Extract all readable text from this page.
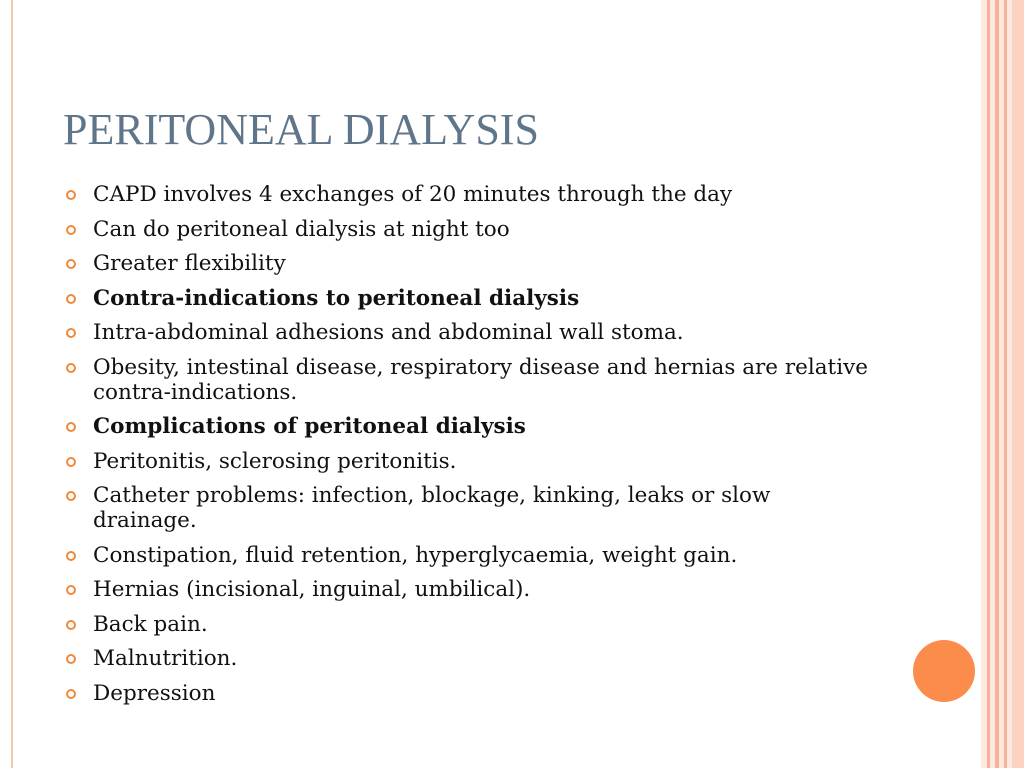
PERITONEAL DIALYSIS
CAPD involves 4 exchanges of 20 minutes through the day
Can do peritoneal dialysis at night too
Greater flexibility
Contra-indications to peritoneal dialysis
Intra-abdominal adhesions and abdominal wall stoma.
Obesity, intestinal disease, respiratory disease and hernias are relative contra-indications.
Complications of peritoneal dialysis
Peritonitis, sclerosing peritonitis.
Catheter problems: infection, blockage, kinking, leaks or slow drainage.
Constipation, fluid retention, hyperglycaemia, weight gain.
Hernias (incisional, inguinal, umbilical).
Back pain.
Malnutrition.
Depression
